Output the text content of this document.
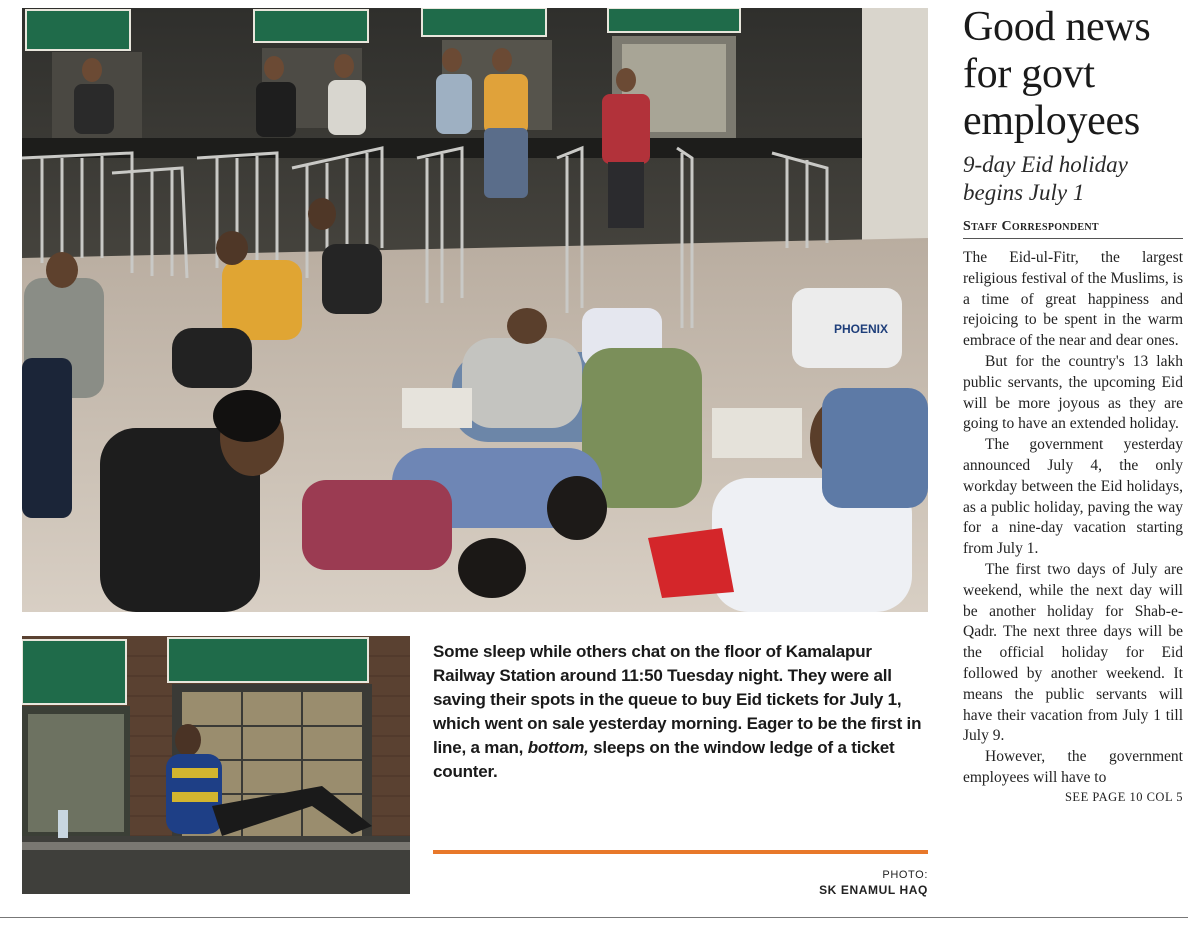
PHOENIX
Some sleep while others chat on the floor of Kamalapur Railway Station around 11:50 Tuesday night. They were all saving their spots in the queue to buy Eid tickets for July 1, which went on sale yesterday morning. Eager to be the first in line, a man, bottom, sleeps on the window ledge of a ticket counter.
PHOTO:
SK ENAMUL HAQ
Good news for govt employees
9-day Eid holiday begins July 1
Staff Correspondent

The Eid-ul-Fitr, the largest religious festival of the Muslims, is a time of great happiness and rejoicing to be spent in the warm embrace of the near and dear ones.

But for the country's 13 lakh public servants, the upcoming Eid will be more joyous as they are going to have an extended holiday.

The government yesterday announced July 4, the only workday between the Eid holidays, as a public holiday, paving the way for a nine-day vacation starting from July 1.

The first two days of July are weekend, while the next day will be another holiday for Shab-e-Qadr. The next three days will be the official holiday for Eid followed by another weekend. It means the public servants will have their vacation from July 1 till July 9.

However, the government employees will have to

SEE PAGE 10 COL 5
